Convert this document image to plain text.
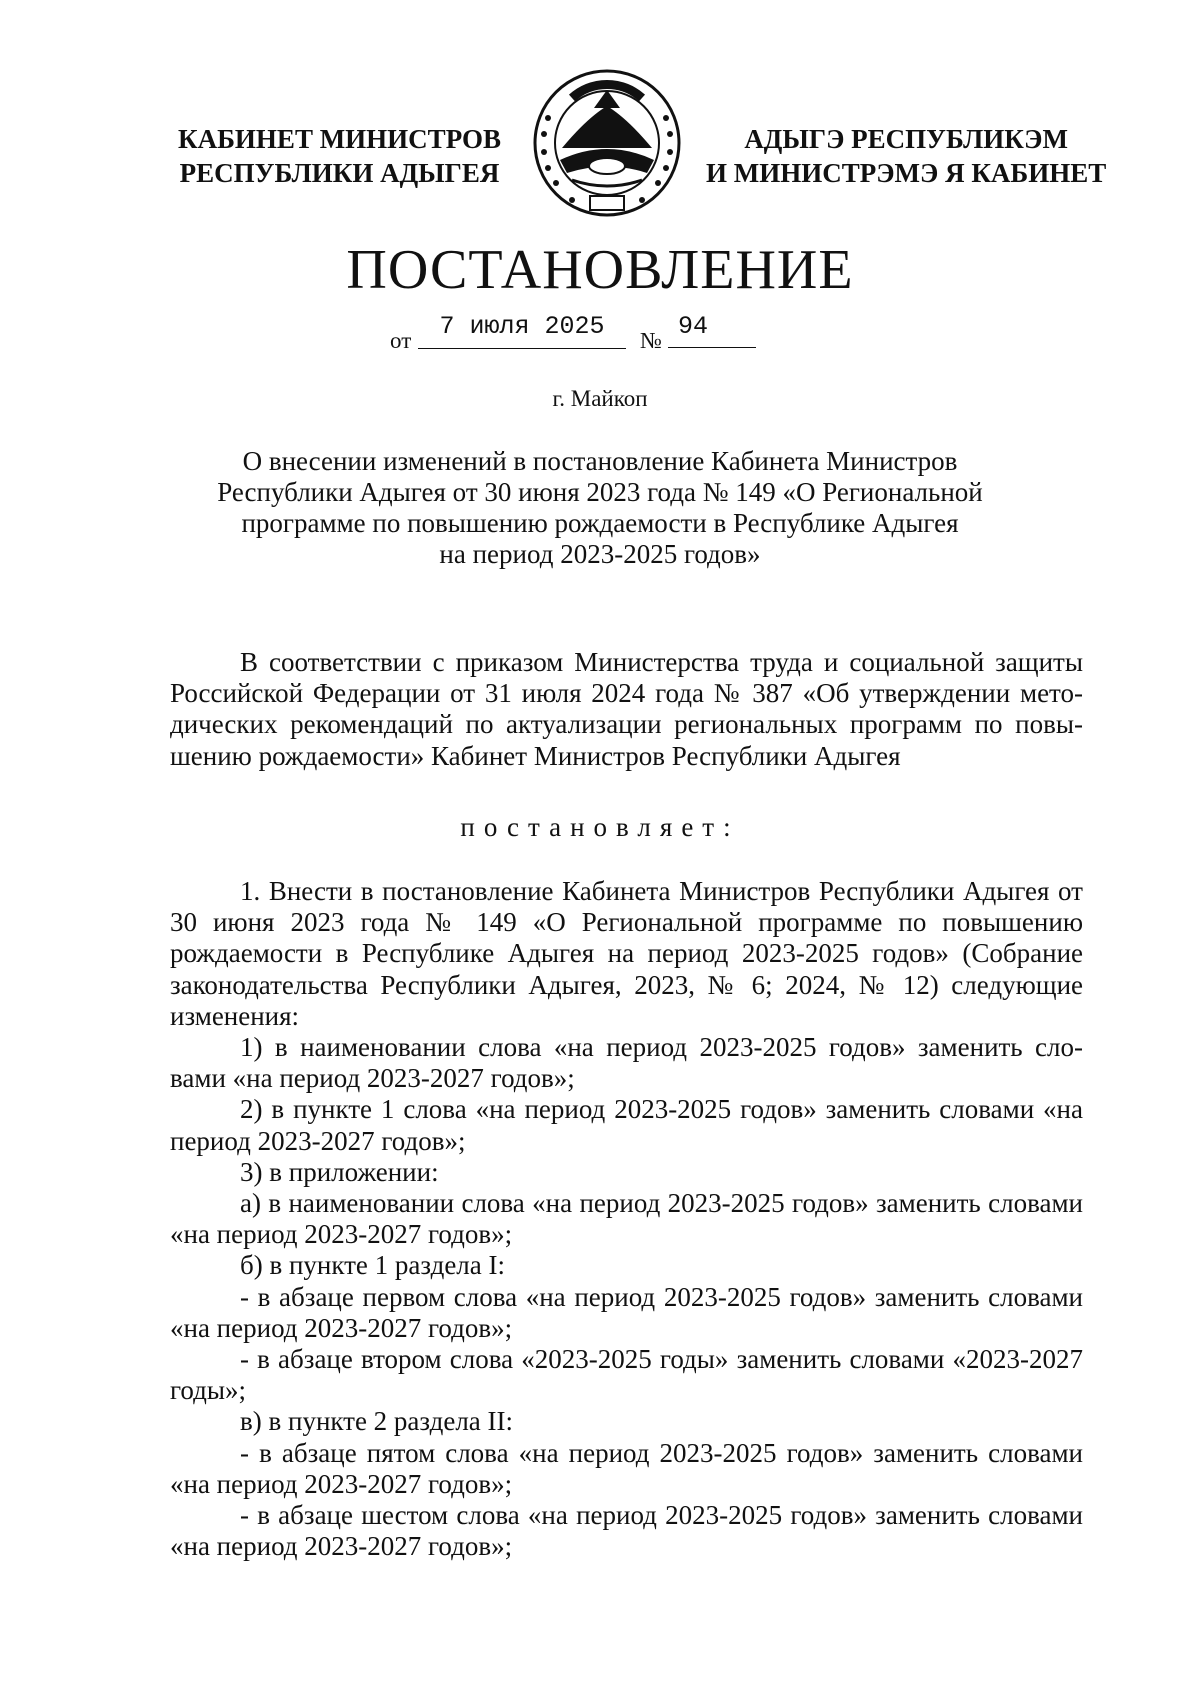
КАБИНЕТ МИНИСТРОВ
РЕСПУБЛИКИ АДЫГЕЯ
АДЫГЭ РЕСПУБЛИКЭМ
И МИНИСТРЭМЭ Я КАБИНЕТ
ПОСТАНОВЛЕНИЕ
от	7 июля 2025	№ 94
г. Майкоп
О внесении изменений в постановление Кабинета Министров
Республики Адыгея от 30 июня 2023 года № 149 «О Региональной
программе по повышению рождаемости в Республике Адыгея
на период 2023-2025 годов»

В соответствии с приказом Министерства труда и социальной защиты Российской Федерации от 31 июля 2024 года № 387 «Об утверждении мето-дических рекомендаций по актуализации региональных программ по повы-шению рождаемости» Кабинет Министров Республики Адыгея

постановляет:

1. Внести в постановление Кабинета Министров Республики Адыгея от 30 июня 2023 года № 149 «О Региональной программе по повышению рождаемости в Республике Адыгея на период 2023-2025 годов» (Собрание законодательства Республики Адыгея, 2023, № 6; 2024, № 12) следующие изменения:

1) в наименовании слова «на период 2023-2025 годов» заменить сло-вами «на период 2023-2027 годов»;

2) в пункте 1 слова «на период 2023-2025 годов» заменить словами «на период 2023-2027 годов»;

3) в приложении:

а) в наименовании слова «на период 2023-2025 годов» заменить словами «на период 2023-2027 годов»;

б) в пункте 1 раздела I:

- в абзаце первом слова «на период 2023-2025 годов» заменить словами «на период 2023-2027 годов»;

- в абзаце втором слова «2023-2025 годы» заменить словами «2023-2027 годы»;

в) в пункте 2 раздела II:

- в абзаце пятом слова «на период 2023-2025 годов» заменить словами «на период 2023-2027 годов»;

- в абзаце шестом слова «на период 2023-2025 годов» заменить словами «на период 2023-2027 годов»;
